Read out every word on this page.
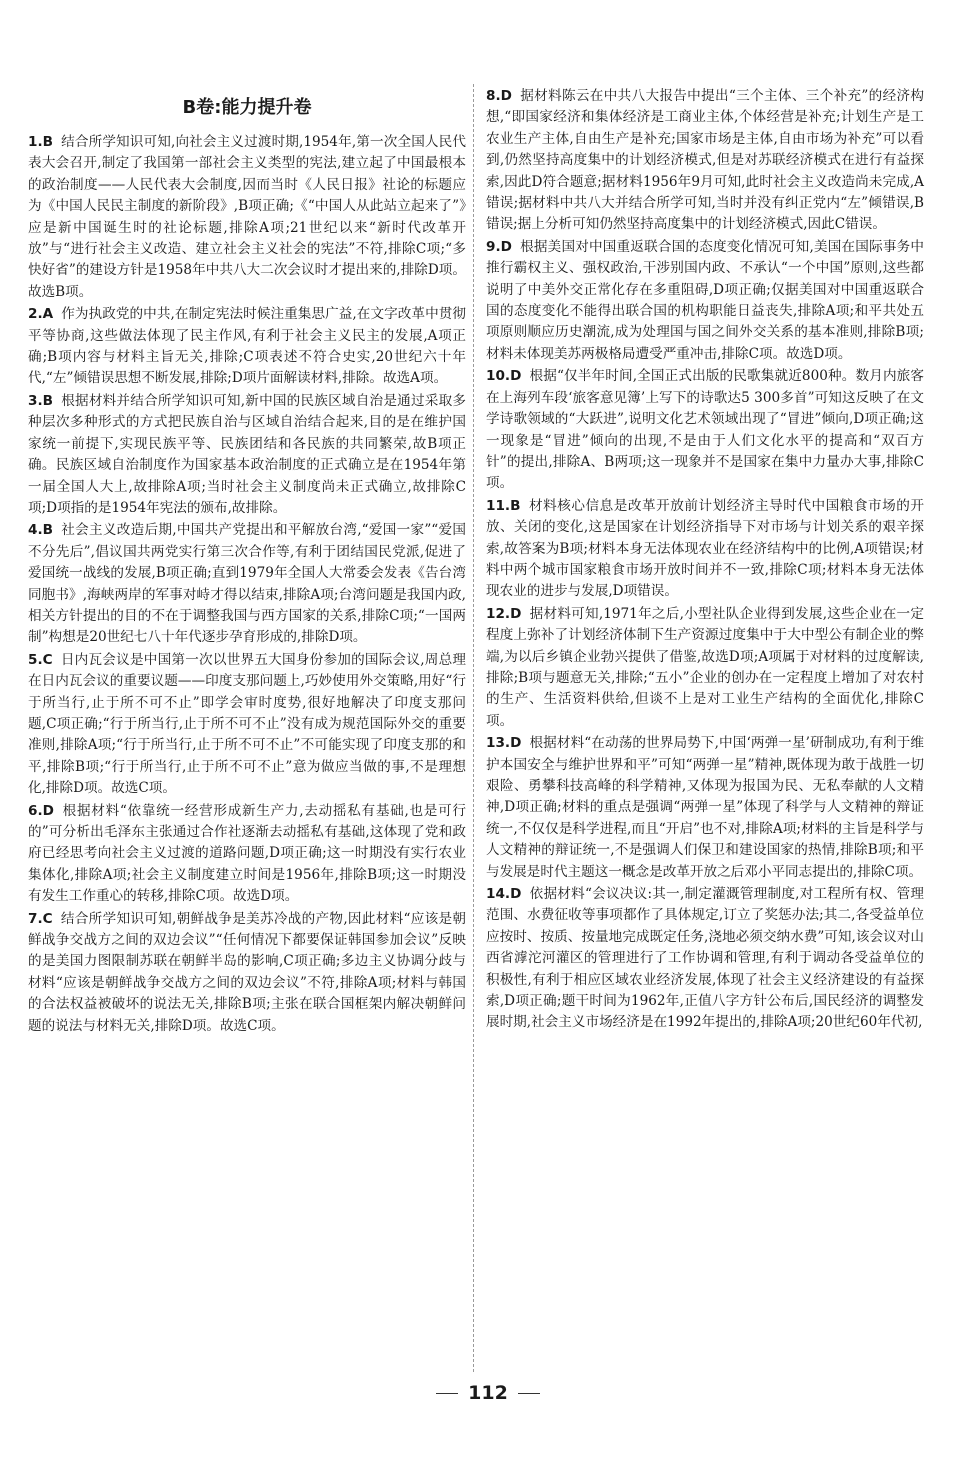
B卷:能力提升卷

1.B 结合所学知识可知,向社会主义过渡时期,1954年,第一次全国人民代表大会召开,制定了我国第一部社会主义类型的宪法,建立起了中国最根本的政治制度——人民代表大会制度,因而当时《人民日报》社论的标题应为《中国人民民主制度的新阶段》,B项正确;《“中国人从此站立起来了”》应是新中国诞生时的社论标题,排除A项;21世纪以来“新时代改革开放”与“进行社会主义改造、建立社会主义社会的宪法”不符,排除C项;“多快好省”的建设方针是1958年中共八大二次会议时才提出来的,排除D项。故选B项。

2.A 作为执政党的中共,在制定宪法时候注重集思广益,在文字改革中贯彻平等协商,这些做法体现了民主作风,有利于社会主义民主的发展,A项正确;B项内容与材料主旨无关,排除;C项表述不符合史实,20世纪六十年代,“左”倾错误思想不断发展,排除;D项片面解读材料,排除。故选A项。

3.B 根据材料并结合所学知识可知,新中国的民族区域自治是通过采取多种层次多种形式的方式把民族自治与区域自治结合起来,目的是在维护国家统一前提下,实现民族平等、民族团结和各民族的共同繁荣,故B项正确。民族区域自治制度作为国家基本政治制度的正式确立是在1954年第一届全国人大上,故排除A项;当时社会主义制度尚未正式确立,故排除C项;D项指的是1954年宪法的颁布,故排除。

4.B 社会主义改造后期,中国共产党提出和平解放台湾,“爱国一家”“爱国不分先后”,倡议国共两党实行第三次合作等,有利于团结国民党派,促进了爱国统一战线的发展,B项正确;直到1979年全国人大常委会发表《告台湾同胞书》,海峡两岸的军事对峙才得以结束,排除A项;台湾问题是我国内政,相关方针提出的目的不在于调整我国与西方国家的关系,排除C项;“一国两制”构想是20世纪七八十年代逐步孕育形成的,排除D项。

5.C 日内瓦会议是中国第一次以世界五大国身份参加的国际会议,周总理在日内瓦会议的重要议题——印度支那问题上,巧妙使用外交策略,用好“行于所当行,止于所不可不止”即学会审时度势,很好地解决了印度支那问题,C项正确;“行于所当行,止于所不可不止”没有成为规范国际外交的重要准则,排除A项;“行于所当行,止于所不可不止”不可能实现了印度支那的和平,排除B项;“行于所当行,止于所不可不止”意为做应当做的事,不是理想化,排除D项。故选C项。

6.D 根据材料“依靠统一经营形成新生产力,去动摇私有基础,也是可行的”可分析出毛泽东主张通过合作社逐渐去动摇私有基础,这体现了党和政府已经思考向社会主义过渡的道路问题,D项正确;这一时期没有实行农业集体化,排除A项;社会主义制度建立时间是1956年,排除B项;这一时期没有发生工作重心的转移,排除C项。故选D项。

7.C 结合所学知识可知,朝鲜战争是美苏冷战的产物,因此材料“应该是朝鲜战争交战方之间的双边会议”“任何情况下都要保证韩国参加会议”反映的是美国力图限制苏联在朝鲜半岛的影响,C项正确;多边主义协调分歧与材料“应该是朝鲜战争交战方之间的双边会议”不符,排除A项;材料与韩国的合法权益被破坏的说法无关,排除B项;主张在联合国框架内解决朝鲜问题的说法与材料无关,排除D项。故选C项。

8.D 据材料陈云在中共八大报告中提出“三个主体、三个补充”的经济构想,“即国家经济和集体经济是工商业主体,个体经营是补充;计划生产是工农业生产主体,自由生产是补充;国家市场是主体,自由市场为补充”可以看到,仍然坚持高度集中的计划经济模式,但是对苏联经济模式在进行有益探索,因此D符合题意;据材料1956年9月可知,此时社会主义改造尚未完成,A错误;据材料中共八大并结合所学可知,当时并没有纠正党内“左”倾错误,B错误;据上分析可知仍然坚持高度集中的计划经济模式,因此C错误。

9.D 根据美国对中国重返联合国的态度变化情况可知,美国在国际事务中推行霸权主义、强权政治,干涉别国内政、不承认“一个中国”原则,这些都说明了中美外交正常化存在多重阻碍,D项正确;仅据美国对中国重返联合国的态度变化不能得出联合国的机构职能日益丧失,排除A项;和平共处五项原则顺应历史潮流,成为处理国与国之间外交关系的基本准则,排除B项;材料未体现美苏两极格局遭受严重冲击,排除C项。故选D项。

10.D 根据“仅半年时间,全国正式出版的民歌集就近800种。数月内旅客在上海列车段‘旅客意见簿’上写下的诗歌达5 300多首”可知这反映了在文学诗歌领域的“大跃进”,说明文化艺术领域出现了“冒进”倾向,D项正确;这一现象是“冒进”倾向的出现,不是由于人们文化水平的提高和“双百方针”的提出,排除A、B两项;这一现象并不是国家在集中力量办大事,排除C项。

11.B 材料核心信息是改革开放前计划经济主导时代中国粮食市场的开放、关闭的变化,这是国家在计划经济指导下对市场与计划关系的艰辛探索,故答案为B项;材料本身无法体现农业在经济结构中的比例,A项错误;材料中两个城市国家粮食市场开放时间并不一致,排除C项;材料本身无法体现农业的进步与发展,D项错误。

12.D 据材料可知,1971年之后,小型社队企业得到发展,这些企业在一定程度上弥补了计划经济体制下生产资源过度集中于大中型公有制企业的弊端,为以后乡镇企业勃兴提供了借鉴,故选D项;A项属于对材料的过度解读,排除;B项与题意无关,排除;“五小”企业的创办在一定程度上增加了对农村的生产、生活资料供给,但谈不上是对工业生产结构的全面优化,排除C项。

13.D 根据材料“在动荡的世界局势下,中国‘两弹一星’研制成功,有利于维护本国安全与维护世界和平”可知“两弹一星”精神,既体现为敢于战胜一切艰险、勇攀科技高峰的科学精神,又体现为报国为民、无私奉献的人文精神,D项正确;材料的重点是强调“两弹一星”体现了科学与人文精神的辩证统一,不仅仅是科学进程,而且“开启”也不对,排除A项;材料的主旨是科学与人文精神的辩证统一,不是强调人们保卫和建设国家的热情,排除B项;和平与发展是时代主题这一概念是改革开放之后邓小平同志提出的,排除C项。

14.D 依据材料“会议决议:其一,制定灌溉管理制度,对工程所有权、管理范围、水费征收等事项都作了具体规定,订立了奖惩办法;其二,各受益单位应按时、按质、按量地完成既定任务,浇地必须交纳水费”可知,该会议对山西省滹沱河灌区的管理进行了工作协调和管理,有利于调动各受益单位的积极性,有利于相应区域农业经济发展,体现了社会主义经济建设的有益探索,D项正确;题干时间为1962年,正值八字方针公布后,国民经济的调整发展时期,社会主义市场经济是在1992年提出的,排除A项;20世纪60年代初,

112
